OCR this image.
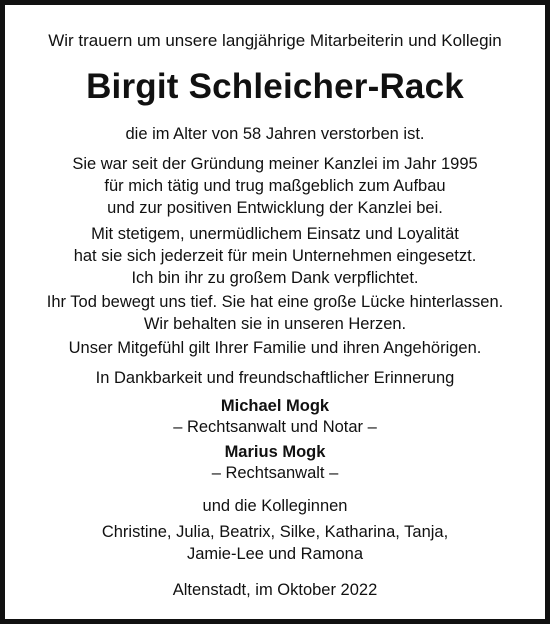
Wir trauern um unsere langjährige Mitarbeiterin und Kollegin
Birgit Schleicher-Rack
die im Alter von 58 Jahren verstorben ist.
Sie war seit der Gründung meiner Kanzlei im Jahr 1995
für mich tätig und trug maßgeblich zum Aufbau
und zur positiven Entwicklung der Kanzlei bei.
Mit stetigem, unermüdlichem Einsatz und Loyalität
hat sie sich jederzeit für mein Unternehmen eingesetzt.
Ich bin ihr zu großem Dank verpflichtet.
Ihr Tod bewegt uns tief. Sie hat eine große Lücke hinterlassen.
Wir behalten sie in unseren Herzen.
Unser Mitgefühl gilt Ihrer Familie und ihren Angehörigen.
In Dankbarkeit und freundschaftlicher Erinnerung
Michael Mogk
– Rechtsanwalt und Notar –
Marius Mogk
– Rechtsanwalt –
und die Kolleginnen
Christine, Julia, Beatrix, Silke, Katharina, Tanja,
Jamie-Lee und Ramona
Altenstadt, im Oktober 2022
